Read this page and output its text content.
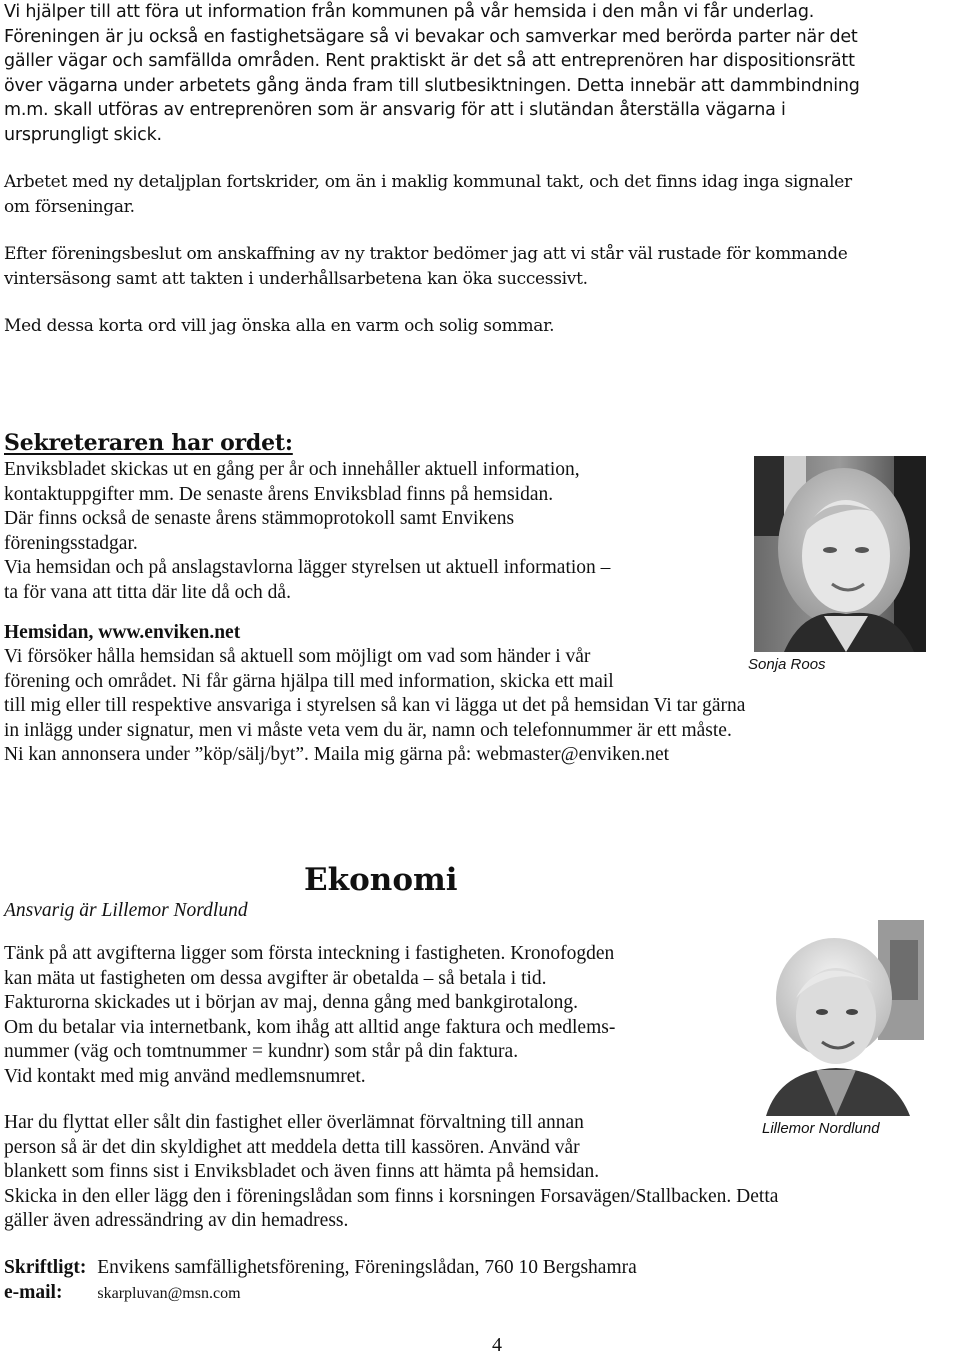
Vi hjälper till att föra ut information från kommunen på vår hemsida i den mån vi får underlag.
Föreningen är ju också en fastighetsägare så vi bevakar och samverkar med berörda parter när det
gäller vägar och samfällda områden. Rent praktiskt är det så att entreprenören har dispositionsrätt
över vägarna under arbetets gång ända fram till slutbesiktningen. Detta innebär att dammbindning
m.m. skall utföras av entreprenören som är ansvarig för att i slutändan återställa vägarna i
ursprungligt skick.
Arbetet med ny detaljplan fortskrider, om än i maklig kommunal takt, och det finns idag inga signaler
om förseningar.
Efter föreningsbeslut om anskaffning av ny traktor bedömer jag att vi står väl rustade för kommande
vintersäsong samt att takten i underhållsarbetena kan öka successivt.
Med dessa korta ord vill jag önska alla en varm och solig sommar.
Sekreteraren har ordet:
Enviksbladet skickas ut en gång per år och innehåller aktuell information,
kontaktuppgifter mm. De senaste årens Enviksblad finns på hemsidan.
Där finns också de senaste årens stämmoprotokoll samt Envikens
föreningsstadgar.
Via hemsidan och på anslagstavlorna lägger styrelsen ut aktuell information –
ta för vana att titta där lite då och då.
Sonja Roos
Hemsidan, www.enviken.net
Vi försöker hålla hemsidan så aktuell som möjligt om vad som händer i vår
förening och området. Ni får gärna hjälpa till med information, skicka ett mail
till mig eller till respektive ansvariga i styrelsen så kan vi lägga ut det på hemsidan Vi tar gärna
in inlägg under signatur, men vi måste veta vem du är, namn och telefonnummer är ett måste.
Ni kan annonsera under ”köp/sälj/byt”. Maila mig gärna på: webmaster@enviken.net
Ekonomi
Ansvarig är Lillemor Nordlund
Tänk på att avgifterna ligger som första inteckning i fastigheten. Kronofogden
kan mäta ut fastigheten om dessa avgifter är obetalda – så betala i tid.
Fakturorna skickades ut i början av maj, denna gång med bankgirotalong.
Om du betalar via internetbank, kom ihåg att alltid ange faktura och medlems-
nummer (väg och tomtnummer = kundnr) som står på din faktura.
Vid kontakt med mig använd medlemsnumret.
Lillemor Nordlund
Har du flyttat eller sålt din fastighet eller överlämnat förvaltning till annan
person så är det din skyldighet att meddela detta till kassören. Använd vår
blankett som finns sist i Enviksbladet och även finns att hämta på hemsidan.
Skicka in den eller lägg den i föreningslådan som finns i korsningen Forsavägen/Stallbacken. Detta
gäller även adressändring av din hemadress.
Skriftligt: Envikens samfällighetsförening, Föreningslådan, 760 10 Bergshamra
e-mail: skarpluvan@msn.com
4
